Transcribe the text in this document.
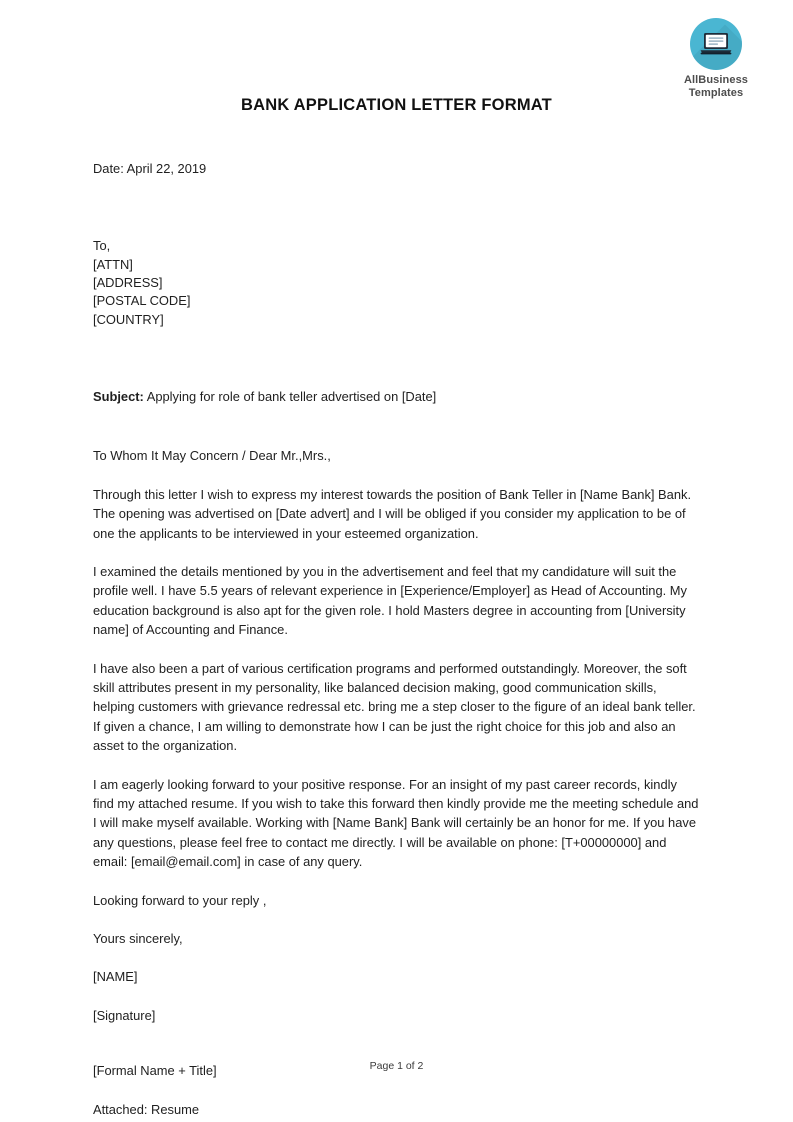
AllBusiness
Templates
BANK APPLICATION LETTER FORMAT
Date: April 22, 2019
To,
[ATTN]
[ADDRESS]
[POSTAL CODE]
[COUNTRY]
Subject: Applying for role of bank teller advertised on [Date]
To Whom It May Concern / Dear Mr.,Mrs.,

Through this letter I wish to express my interest towards the position of Bank Teller in [Name Bank] Bank. The opening was advertised on [Date advert] and I will be obliged if you consider my application to be of one the applicants to be interviewed in your esteemed organization.

I examined the details mentioned by you in the advertisement and feel that my candidature will suit the profile well. I have 5.5 years of relevant experience in [Experience/Employer] as Head of Accounting. My education background is also apt for the given role. I hold Masters degree in accounting from [University name] of Accounting and Finance.

I have also been a part of various certification programs and performed outstandingly. Moreover, the soft skill attributes present in my personality, like balanced decision making, good communication skills, helping customers with grievance redressal etc. bring me a step closer to the figure of an ideal bank teller. If given a chance, I am willing to demonstrate how I can be just the right choice for this job and also an asset to the organization.

I am eagerly looking forward to your positive response. For an insight of my past career records, kindly find my attached resume. If you wish to take this forward then kindly provide me the meeting schedule and I will make myself available. Working with [Name Bank] Bank will certainly be an honor for me. If you have any questions, please feel free to contact me directly. I will be available on phone: [T+00000000] and email: [email@email.com] in case of any query.

Looking forward to your reply ,

Yours sincerely,

[NAME]

[Signature]

[Formal Name + Title]

Attached: Resume

Page 1 of 2
